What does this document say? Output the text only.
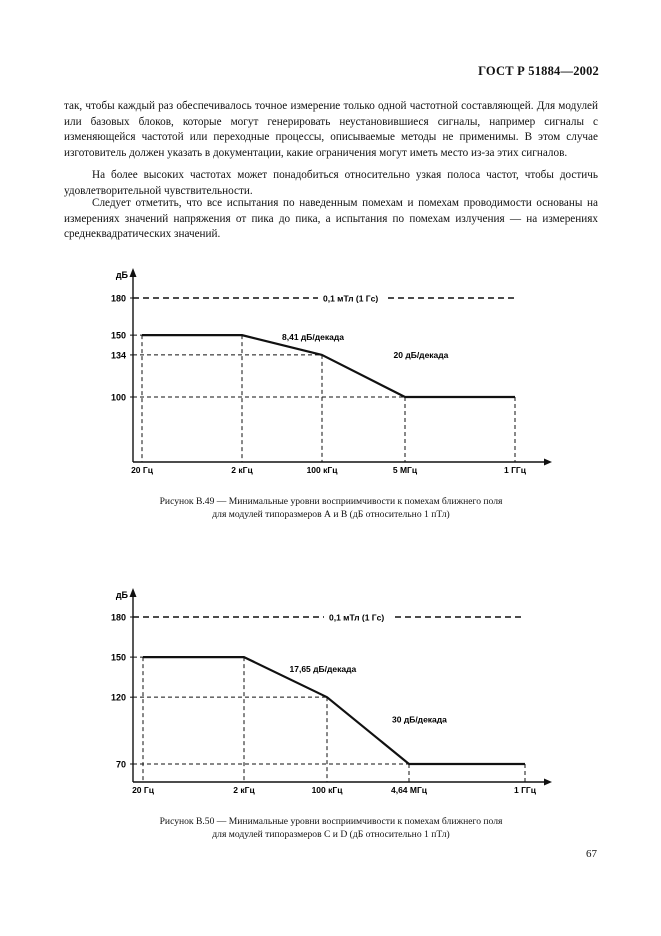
ГОСТ Р 51884—2002

так, чтобы каждый раз обеспечивалось точное измерение только одной частотной составляющей. Для модулей или базовых блоков, которые могут генерировать неустановившиеся сигналы, например сигналы с изменяющейся частотой или переходные процессы, описываемые методы не применимы. В этом случае изготовитель должен указать в документации, какие ограничения могут иметь место из-за этих сигналов.

На более высоких частотах может понадобиться относительно узкая полоса частот, чтобы достичь удовлетворительной чувствительности.

Следует отметить, что все испытания по наведенным помехам и помехам проводимости основаны на измерениях значений напряжения от пика до пика, а испытания по помехам излучения — на измерениях среднеквадратических значений.

дБ
100
134
150
180	0,1 мТл (1 Гс)
20 Гц	2 кГц	100 кГц	5 МГц	1 ГГц
8,41 дБ/декада
20 дБ/декада
Рисунок В.49 — Минимальные уровни восприимчивости к помехам ближнего поля
для модулей типоразмеров А и В (дБ относительно 1 пТл)
дБ
70
120
150
180	0,1 мТл (1 Гс)
20 Гц	2 кГц	100 кГц	4,64 МГц	1 ГГц
17,65 дБ/декада
30 дБ/декада
Рисунок В.50 — Минимальные уровни восприимчивости к помехам ближнего поля
для модулей типоразмеров С и D (дБ относительно 1 пТл)
67
